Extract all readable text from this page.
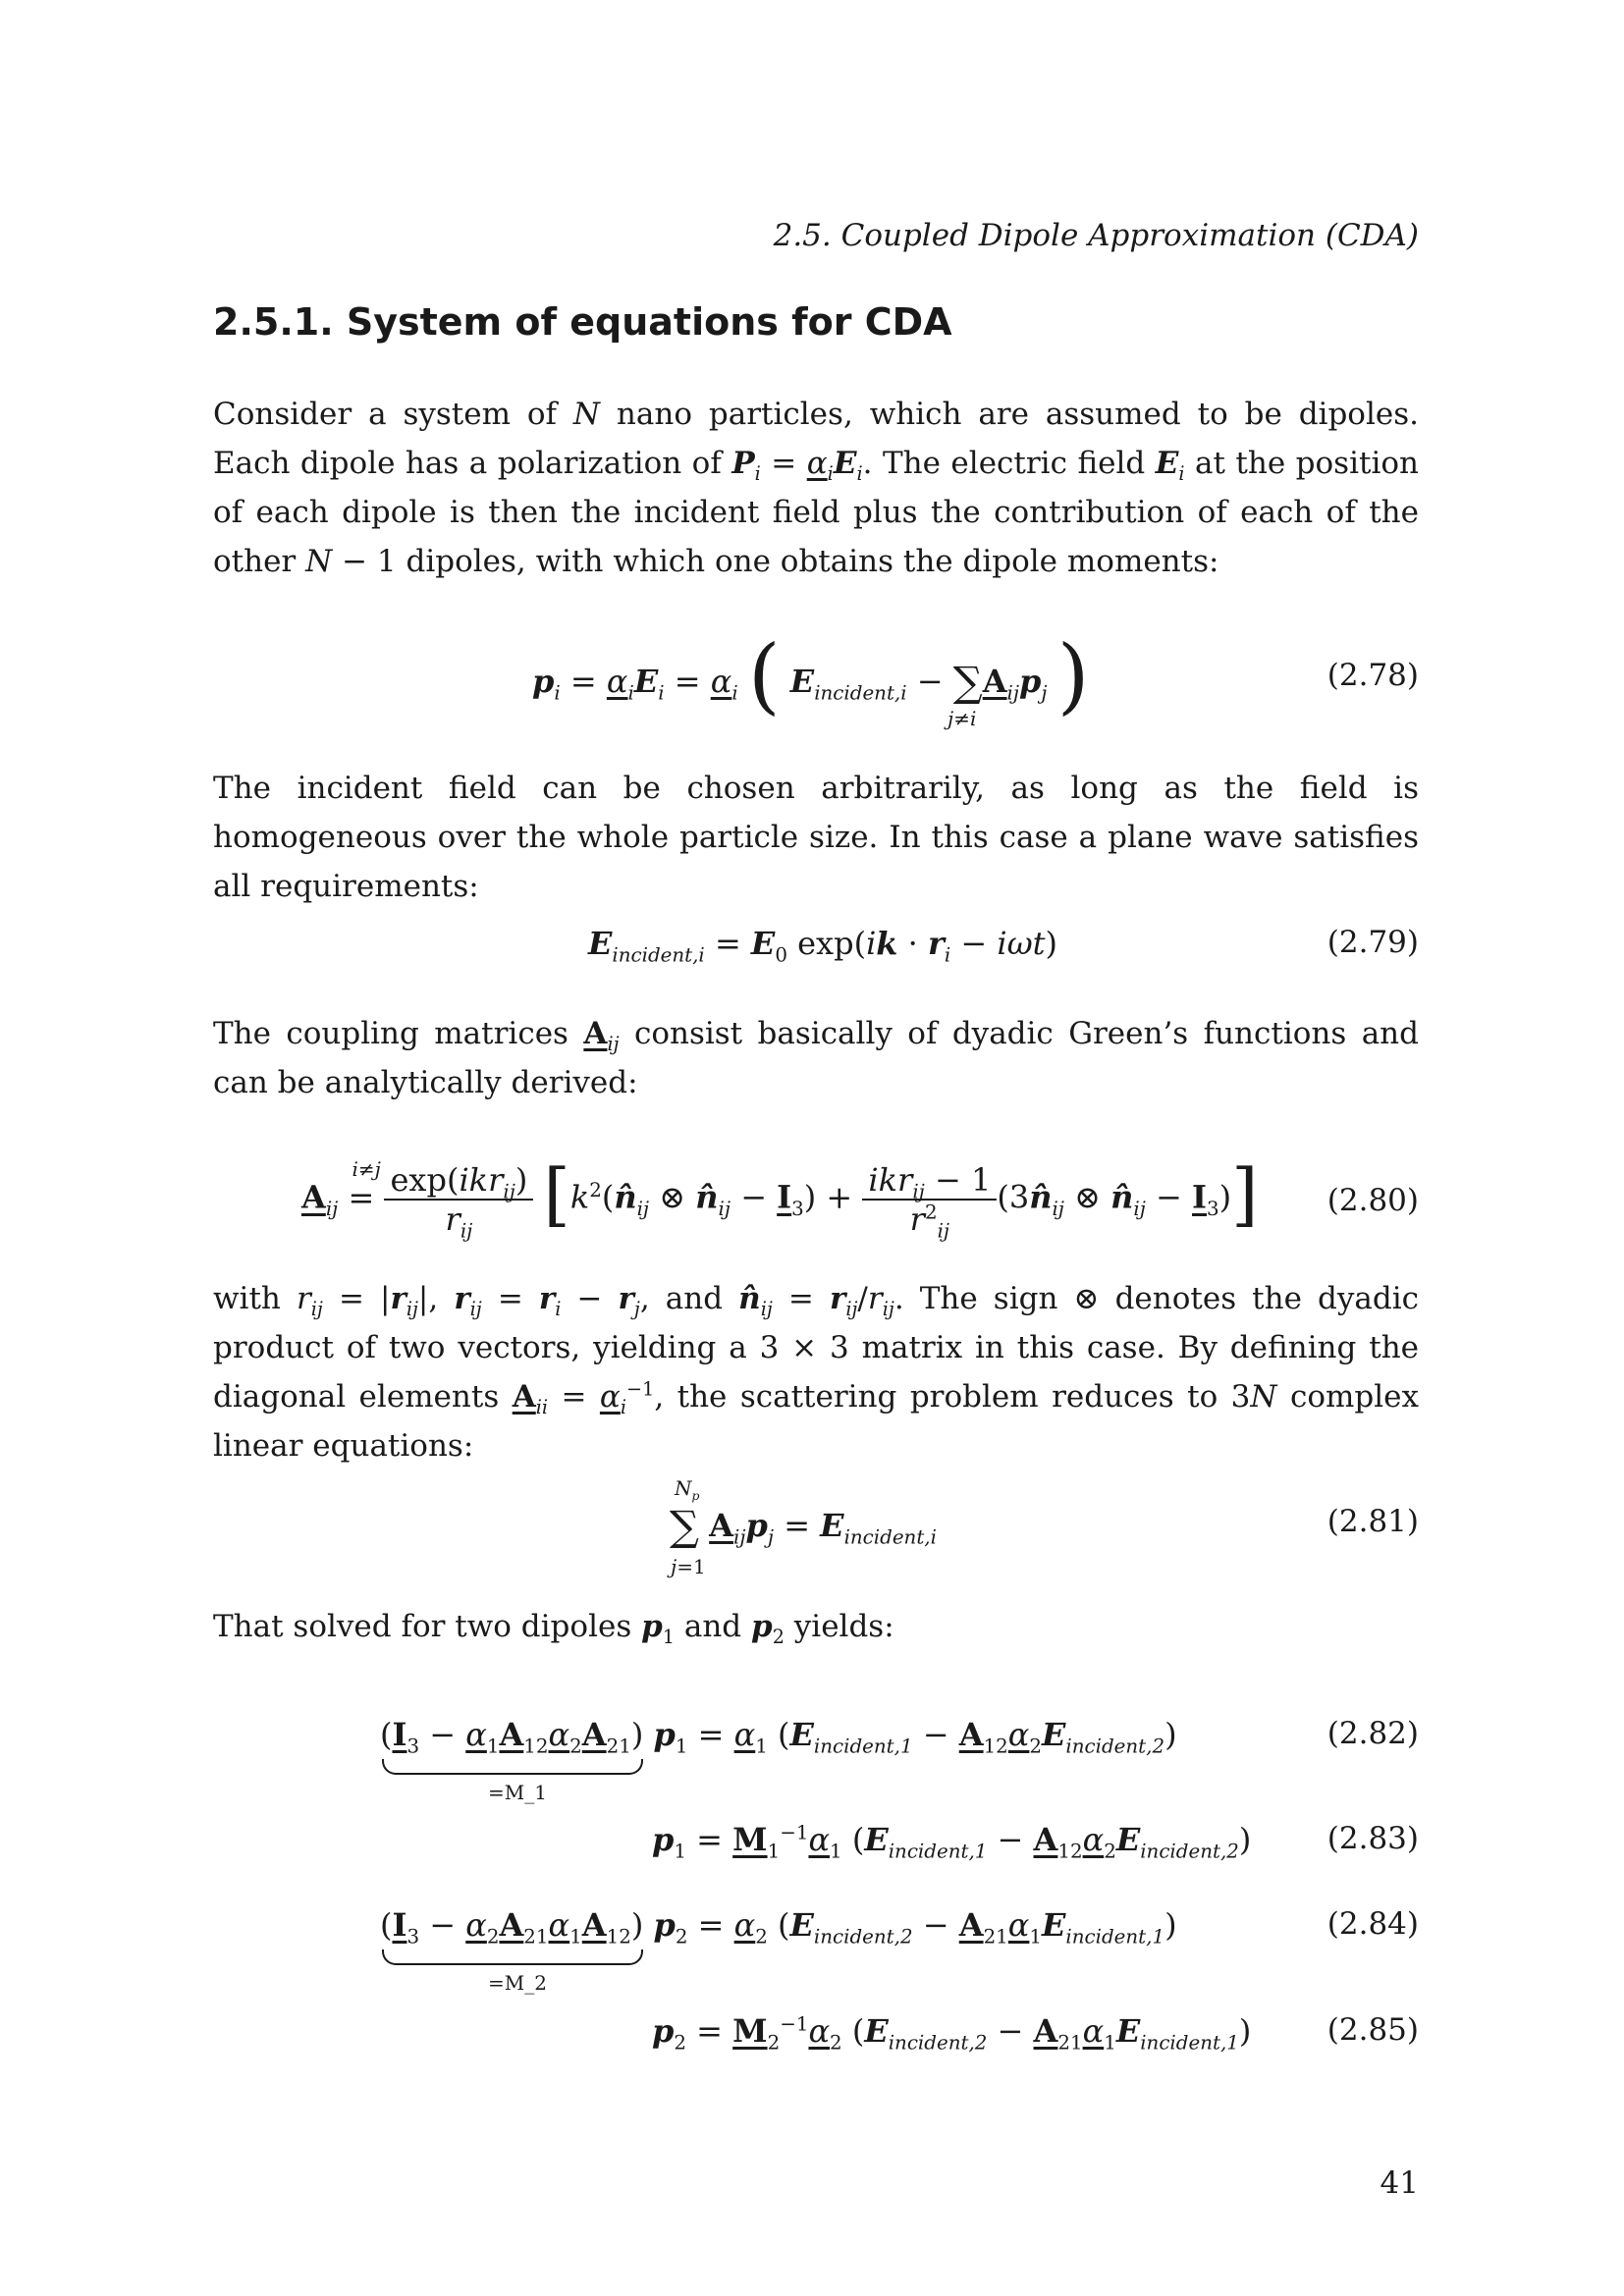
2.5. Coupled Dipole Approximation (CDA)
2.5.1. System of equations for CDA

Consider a system of N nano particles, which are assumed to be dipoles. Each dipole has a polarization of $P_i = \alpha_iE_i$. The electric field $E_i$ at the position of each dipole is then the incident field plus the contribution of each of the other N − 1 dipoles, with which one obtains the dipole moments:

$p_i = \alpha_iE_i = \alpha_i$ ( $E_{incident,i} - \sum A_{ij}p_j$ )
j≠i
(2.78)
The incident field can be chosen arbitrarily, as long as the field is homogeneous over the whole particle size. In this case a plane wave satisfies all requirements:
$E_{incident,i} = E_0$ $\exp(ik \cdot r_i - i\omega t)$	(2.79)

The coupling matrices $A_{ij}$ consist basically of dyadic Green’s functions and can be analytically derived:

$A_{ij}$ =
$i\ne j \frac{\exp(ikr_{ij})}{r_{ij}}$ [$k^2(n̂_{ij}$ ⊗ $n̂_{ij} - I_3) + \frac{ikr_{ij} - 1}{r^2_{ij}}$ ($3n̂_{ij}$ ⊗ $n̂_{ij} - I_3$)] (2.80)

with $r_{ij} = |r_{ij}|$, $r_{ij} = r_i - r_j$, and $n̂_{ij} = r_{ij}/r_{ij}$. The sign ⊗ denotes the dyadic product of two vectors, yielding a 3 × 3 matrix in this case. By defining the diagonal elements $A_{ii} = \alpha_i^{-1}$, the scattering problem reduces to 3N complex linear equations:

$N_p$
∑ $A_{ij}p_j = E_{incident,i}$
j=1
(2.81)

That solved for two dipoles $p_1$ and $p_2$ yields:

$(I_3 - \alpha_1A_{12}\alpha_2A_{21}) p_1 = \alpha_1$ $(E_{incident,1} - A_{12}\alpha_2E_{incident,2})$
=M_1
(2.82)
$p_1 = M_1^{-1}\alpha_1$ $(E_{incident,1} - A_{12}\alpha_2E_{incident,2})$ (2.83)
$(I_3 - \alpha_2A_{21}\alpha_1A_{12}) p_2 = \alpha_2$ $(E_{incident,2} - A_{21}\alpha_1E_{incident,1})$
=M_2
(2.84)
$p_2 = M_2^{-1}\alpha_2$ $(E_{incident,2} - A_{21}\alpha_1E_{incident,1})$ (2.85)
41
